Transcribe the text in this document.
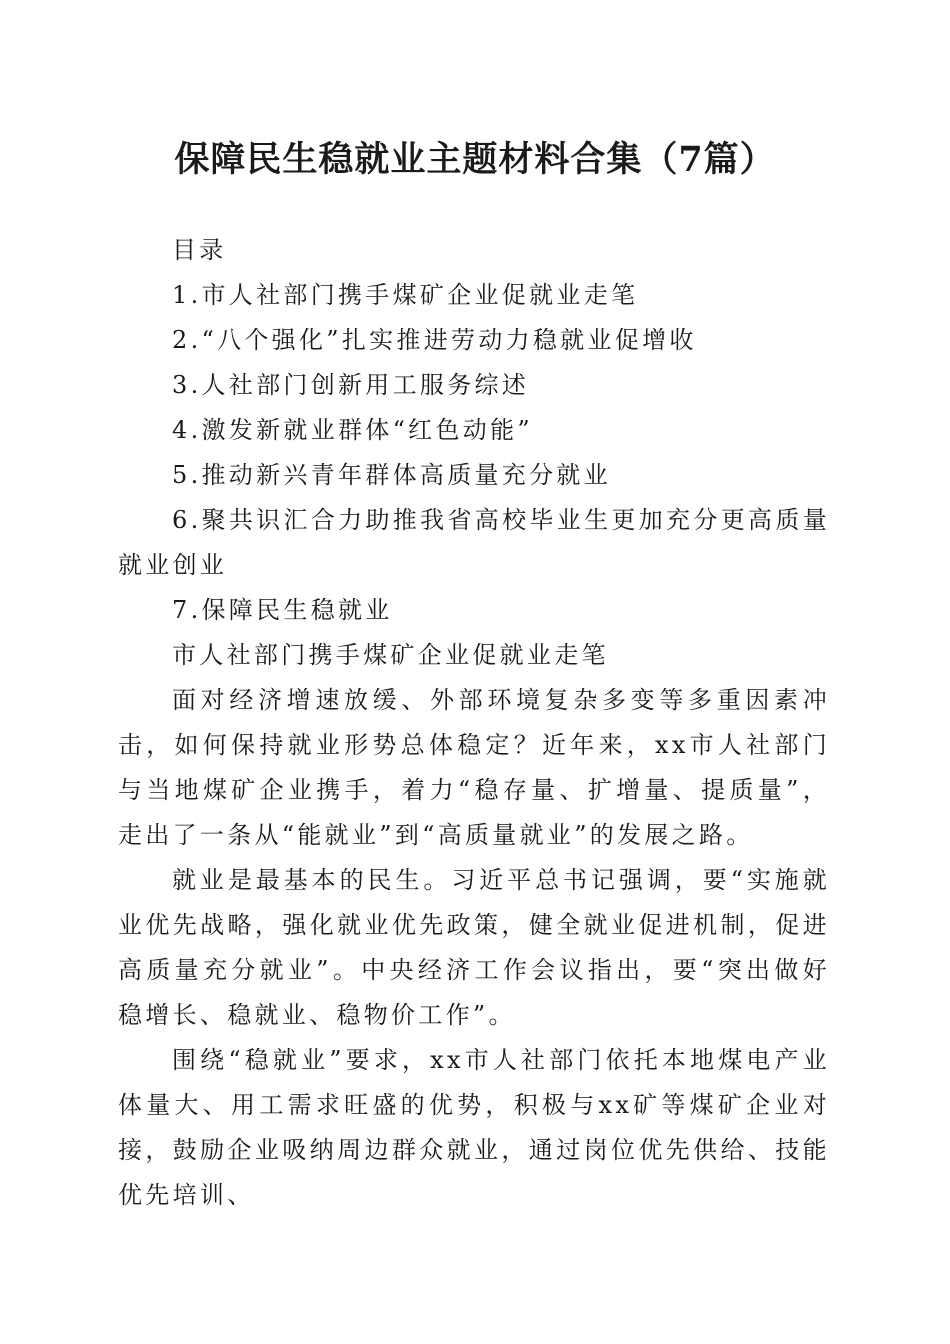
保障民生稳就业主题材料合集（7篇）
目录
1.市人社部门携手煤矿企业促就业走笔
2.“八个强化”扎实推进劳动力稳就业促增收
3.人社部门创新用工服务综述
4.激发新就业群体“红色动能”
5.推动新兴青年群体高质量充分就业

6.聚共识汇合力助推我省高校毕业生更加充分更高质量就业创业

7.保障民生稳就业
市人社部门携手煤矿企业促就业走笔

面对经济增速放缓、外部环境复杂多变等多重因素冲击，如何保持就业形势总体稳定？近年来，xx市人社部门与当地煤矿企业携手，着力“稳存量、扩增量、提质量”，走出了一条从“能就业”到“高质量就业”的发展之路。

就业是最基本的民生。习近平总书记强调，要“实施就业优先战略，强化就业优先政策，健全就业促进机制，促进高质量充分就业”。中央经济工作会议指出，要“突出做好稳增长、稳就业、稳物价工作”。

围绕“稳就业”要求，xx市人社部门依托本地煤电产业体量大、用工需求旺盛的优势，积极与xx矿等煤矿企业对接，鼓励企业吸纳周边群众就业，通过岗位优先供给、技能优先培训、
